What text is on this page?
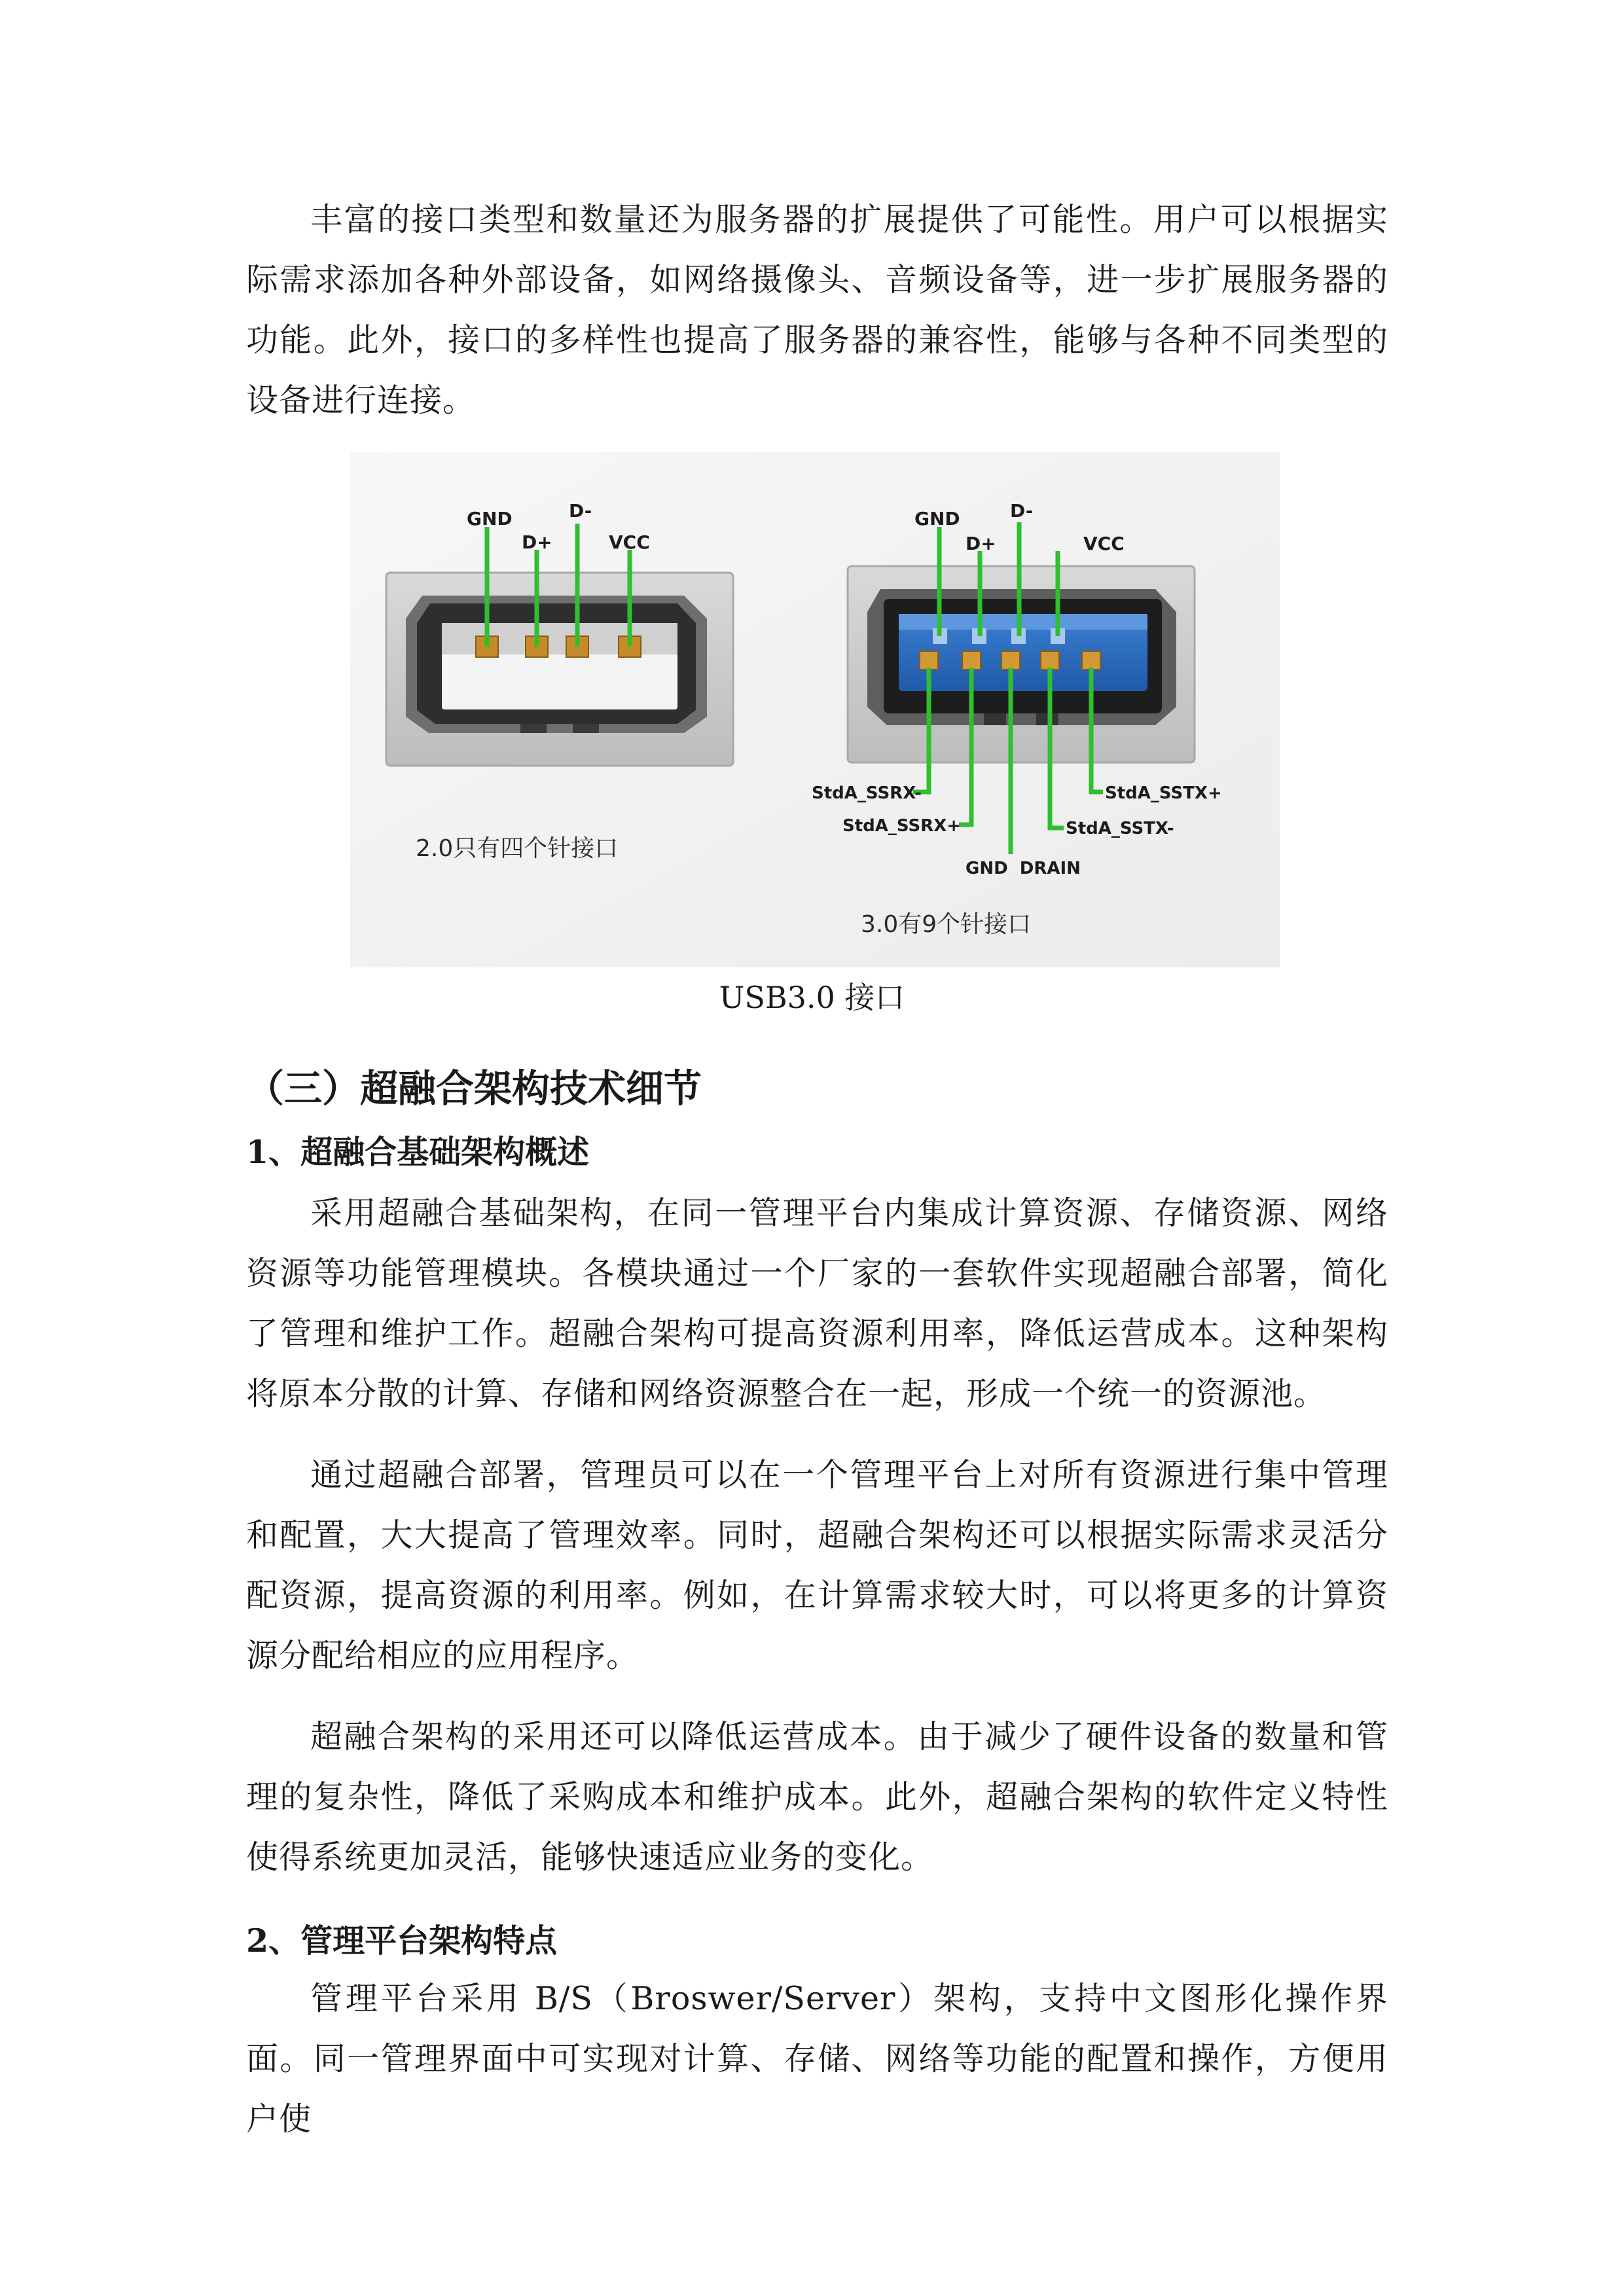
丰富的接口类型和数量还为服务器的扩展提供了可能性。用户可以根据实际需求添加各种外部设备，如网络摄像头、音频设备等，进一步扩展服务器的功能。此外，接口的多样性也提高了服务器的兼容性，能够与各种不同类型的设备进行连接。

GND
D+
D-
VCC
2.0只有四个针接口
GND
D+
D-
VCC
StdA_SSRX-
StdA_SSRX+
GND  DRAIN
StdA_SSTX-
StdA_SSTX+
3.0有9个针接口
USB3.0 接口
（三）超融合架构技术细节
1、超融合基础架构概述

采用超融合基础架构，在同一管理平台内集成计算资源、存储资源、网络资源等功能管理模块。各模块通过一个厂家的一套软件实现超融合部署，简化了管理和维护工作。超融合架构可提高资源利用率，降低运营成本。这种架构将原本分散的计算、存储和网络资源整合在一起，形成一个统一的资源池。

通过超融合部署，管理员可以在一个管理平台上对所有资源进行集中管理和配置，大大提高了管理效率。同时，超融合架构还可以根据实际需求灵活分配资源，提高资源的利用率。例如，在计算需求较大时，可以将更多的计算资源分配给相应的应用程序。

超融合架构的采用还可以降低运营成本。由于减少了硬件设备的数量和管理的复杂性，降低了采购成本和维护成本。此外，超融合架构的软件定义特性使得系统更加灵活，能够快速适应业务的变化。

2、管理平台架构特点

管理平台采用 B/S（Broswer/Server）架构，支持中文图形化操作界面。同一管理界面中可实现对计算、存储、网络等功能的配置和操作，方便用户使
